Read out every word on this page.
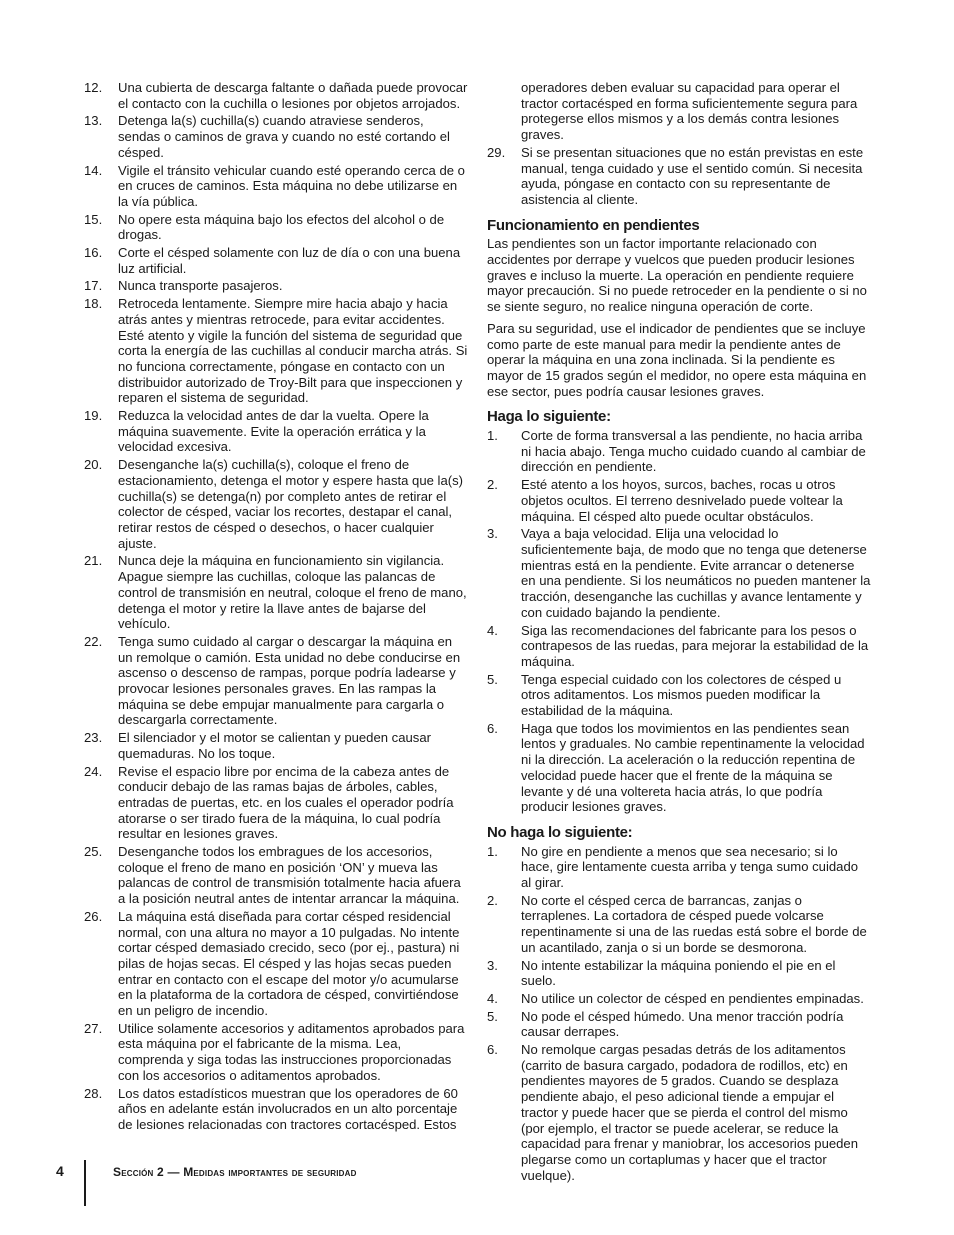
12.	Una cubierta de descarga faltante o dañada puede provocar el contacto con la cuchilla o lesiones por objetos arrojados.
13.	Detenga la(s) cuchilla(s) cuando atraviese senderos, sendas o caminos de grava y cuando no esté cortando el césped.
14.	Vigile el tránsito vehicular cuando esté operando cerca de o en cruces de caminos. Esta máquina no debe utilizarse en la vía pública.
15.	No opere esta máquina bajo los efectos del alcohol o de drogas.
16.	Corte el césped solamente con luz de día o con una buena luz artificial.
17.	Nunca transporte pasajeros.
18.	Retroceda lentamente. Siempre mire hacia abajo y hacia atrás antes y mientras retrocede, para evitar accidentes. Esté atento y vigile la función del sistema de seguridad que corta la energía de las cuchillas al conducir marcha atrás. Si no funciona correctamente, póngase en contacto con un distribuidor autorizado de Troy-Bilt para que inspeccionen y reparen el sistema de seguridad.
19.	Reduzca la velocidad antes de dar la vuelta. Opere la máquina suavemente. Evite la operación errática y la velocidad excesiva.
20.	Desenganche la(s) cuchilla(s), coloque el freno de estacionamiento, detenga el motor y espere hasta que la(s) cuchilla(s) se detenga(n) por completo antes de retirar el colector de césped, vaciar los recortes, destapar el canal, retirar restos de césped o desechos, o hacer cualquier ajuste.
21.	Nunca deje la máquina en funcionamiento sin vigilancia. Apague siempre las cuchillas, coloque las palancas de control de transmisión en neutral, coloque el freno de mano, detenga el motor y retire la llave antes de bajarse del vehículo.
22.	Tenga sumo cuidado al cargar o descargar la máquina en un remolque o camión. Esta unidad no debe conducirse en ascenso o descenso de rampas, porque podría ladearse y provocar lesiones personales graves. En las rampas la máquina se debe empujar manualmente para cargarla o descargarla correctamente.
23.	El silenciador y el motor se calientan y pueden causar quemaduras. No los toque.
24.	Revise el espacio libre por encima de la cabeza antes de conducir debajo de las ramas bajas de árboles, cables, entradas de puertas, etc. en los cuales el operador podría atorarse o ser tirado fuera de la máquina, lo cual podría resultar en lesiones graves.
25.	Desenganche todos los embragues de los accesorios, coloque el freno de mano en posición ‘ON’ y mueva las palancas de control de transmisión totalmente hacia afuera a la posición neutral antes de intentar arrancar la máquina.
26.	La máquina está diseñada para cortar césped residencial normal, con una altura no mayor a 10 pulgadas. No intente cortar césped demasiado crecido, seco (por ej., pastura) ni pilas de hojas secas. El césped y las hojas secas pueden entrar en contacto con el escape del motor y/o acumularse en la plataforma de la cortadora de césped, convirtiéndose en un peligro de incendio.
27.	Utilice solamente accesorios y aditamentos aprobados para esta máquina por el fabricante de la misma. Lea, comprenda y siga todas las instrucciones proporcionadas con los accesorios o aditamentos aprobados.
28.	Los datos estadísticos muestran que los operadores de 60 años en adelante están involucrados en un alto porcentaje de lesiones relacionadas con tractores cortacésped. Estos
operadores deben evaluar su capacidad para operar el tractor cortacésped en forma suficientemente segura para protegerse ellos mismos y a los demás contra lesiones graves.
29.	Si se presentan situaciones que no están previstas en este manual, tenga cuidado y use el sentido común. Si necesita ayuda, póngase en contacto con su representante de asistencia al cliente.
Funcionamiento en pendientes
Las pendientes son un factor importante relacionado con accidentes por derrape y vuelcos que pueden producir lesiones graves e incluso la muerte. La operación en pendiente requiere mayor precaución. Si no puede retroceder en la pendiente o si no se siente seguro, no realice ninguna operación de corte.
Para su seguridad, use el indicador de pendientes que se incluye como parte de este manual para medir la pendiente antes de operar la máquina en una zona inclinada. Si la pendiente es mayor de 15 grados según el medidor, no opere esta máquina en ese sector, pues podría causar lesiones graves.
Haga lo siguiente:
1.	Corte de forma transversal a las pendiente, no hacia arriba ni hacia abajo. Tenga mucho cuidado cuando al cambiar de dirección en pendiente.
2.	Esté atento a los hoyos, surcos, baches, rocas u otros objetos ocultos. El terreno desnivelado puede voltear la máquina. El césped alto puede ocultar obstáculos.
3.	Vaya a baja velocidad. Elija una velocidad lo suficientemente baja, de modo que no tenga que detenerse mientras está en la pendiente. Evite arrancar o detenerse en una pendiente. Si los neumáticos no pueden mantener la tracción, desenganche las cuchillas y avance lentamente y con cuidado bajando la pendiente.
4.	Siga las recomendaciones del fabricante para los pesos o contrapesos de las ruedas, para mejorar la estabilidad de la máquina.
5.	Tenga especial cuidado con los colectores de césped u otros aditamentos. Los mismos pueden modificar la estabilidad de la máquina.
6.	Haga que todos los movimientos en las pendientes sean lentos y graduales. No cambie repentinamente la velocidad ni la dirección. La aceleración o la reducción repentina de velocidad puede hacer que el frente de la máquina se levante y dé una voltereta hacia atrás, lo que podría producir lesiones graves.
No haga lo siguiente:
1.	No gire en pendiente a menos que sea necesario; si lo hace, gire lentamente cuesta arriba y tenga sumo cuidado al girar.
2.	No corte el césped cerca de barrancas, zanjas o terraplenes. La cortadora de césped puede volcarse repentinamente si una de las ruedas está sobre el borde de un acantilado, zanja o si un borde se desmorona.
3.	No intente estabilizar la máquina poniendo el pie en el suelo.
4.	No utilice un colector de césped en pendientes empinadas.
5.	No pode el césped húmedo. Una menor tracción podría causar derrapes.
6.	No remolque cargas pesadas detrás de los aditamentos (carrito de basura cargado, podadora de rodillos, etc) en pendientes mayores de 5 grados. Cuando se desplaza pendiente abajo, el peso adicional tiende a empujar el tractor y puede hacer que se pierda el control del mismo (por ejemplo, el tractor se puede acelerar, se reduce la capacidad para frenar y maniobrar, los accesorios pueden plegarse como un cortaplumas y hacer que el tractor vuelque).
4	Sección 2 — Medidas importantes de seguridad
